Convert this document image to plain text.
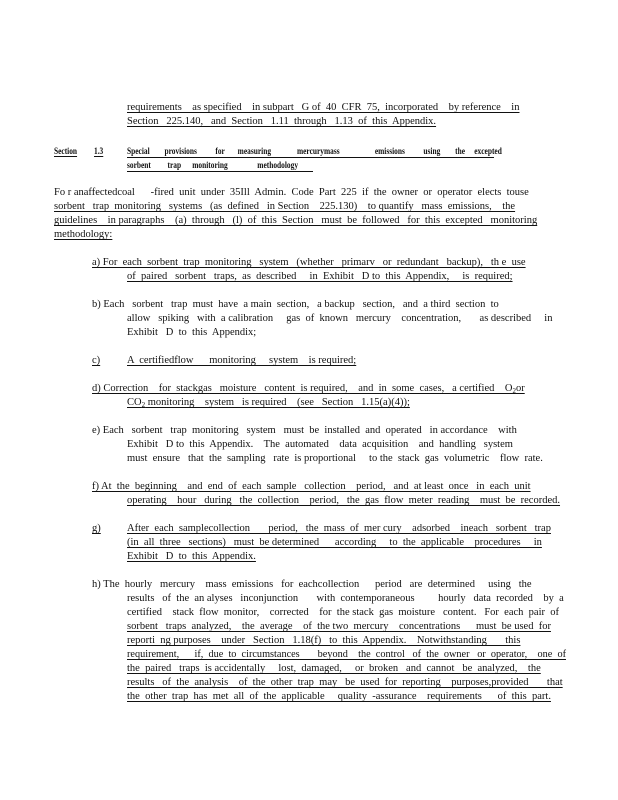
requirements    as specified    in subpart   G of  40  CFR  75,  incorporated    by reference    in
Section   225.140,   and  Section   1.11  through   1.13  of  this  Appendix.
Section 1.3 Special        provisions          for       measuring              mercurymass                   emissions          using        the     excepted
sorbent         trap      monitoring                methodology
Fo r anaffectedcoal      -fired  unit  under  35Ill  Admin.  Code  Part  225  if  the  owner  or  operator  elects  touse
sorbent   trap  monitoring   systems   (as  defined   in Section    225.130)    to quantify   mass  emissions,    the
guidelines    in paragraphs    (a)  through   (l)  of  this  Section   must  be  followed   for  this  excepted   monitoring
methodology:
a) For  each  sorbent  trap  monitoring   system   (whether   primarv   or  redundant   backup),   th e  use
of  paired   sorbent   traps,  as  described     in  Exhibit   D to  this  Appendix,     is  required;
b) Each   sorbent   trap  must  have  a main  section,   a backup   section,   and  a third  section  to
allow   spiking   with  a calibration     gas  of  known   mercury    concentration,       as described     in
Exhibit   D  to  this  Appendix;
c)	A  certifiedflow      monitoring     system    is required;
d) Correction    for  stackgas   moisture   content  is required,    and  in  some  cases,   a certified    $O_2or$
$CO_2$ monitoring    system   is required    (see   Section   1.15(a)(4));
e) Each   sorbent   trap  monitoring   system   must  be  installed  and  operated   in accordance    with
Exhibit   D to  this  Appendix.    The  automated    data  acquisition    and  handling   system
must  ensure   that  the  sampling   rate  is proportional     to the  stack  gas  volumetric    flow  rate.
f) At  the  beginning    and  end  of  each  sample   collection    period,   and  at least  once   in  each  unit
operating    hour   during   the  collection    period,   the  gas  flow  meter  reading    must  be  recorded.
g)	After  each  samplecollection       period,   the  mass  of  mer cury    adsorbed    ineach   sorbent   trap
(in  all  three   sections)   must  be determined      according     to  the  applicable    procedures     in
Exhibit   D  to  this  Appendix.
h) The  hourly   mercury    mass  emissions   for  eachcollection      period   are  determined     using   the
results   of  the  an alyses   inconjunction       with  contemporaneous         hourly   data  recorded    by  a
certified    stack  flow  monitor,    corrected    for  the stack  gas  moisture   content.   For  each  pair  of
sorbent   traps  analyzed,    the  average    of  the two  mercury    concentrations      must  be used  for
reporti  ng purposes    under   Section   1.18(f)   to  this  Appendix.    Notwithstanding       this
requirement,      if,  due  to  circumstances       beyond    the  control   of  the  owner   or  operator,    one  of
the  paired   traps  is accidentally     lost,  damaged,     or  broken   and  cannot   be  analyzed,    the
results   of  the  analysis    of  the  other  trap  may   be  used  for  reporting    purposes,provided       that
the  other  trap  has  met  all  of  the  applicable     quality  -assurance    requirements      of  this  part.
